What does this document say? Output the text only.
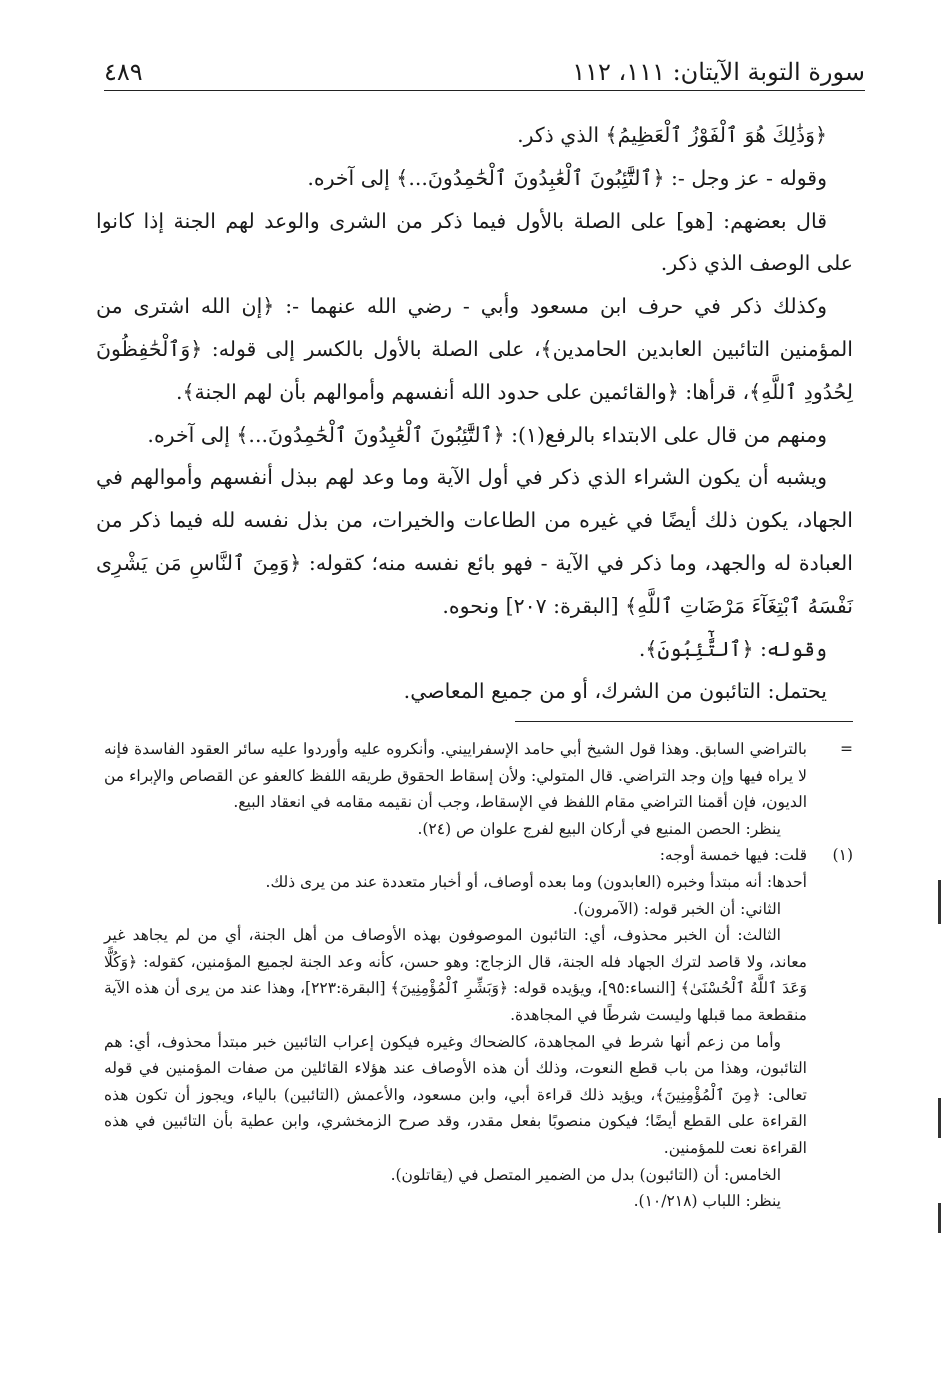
سورة التوبة الآيتان: ١١١، ١١٢
٤٨٩

﴿وَذَٰلِكَ هُوَ ٱلْفَوْزُ ٱلْعَظِيمُ﴾ الذي ذكر.

وقوله - عز وجل -: ﴿ٱلتَّٰٓئِبُونَ ٱلْعَٰبِدُونَ ٱلْحَٰمِدُونَ...﴾ إلى آخره.

قال بعضهم: [هو] على الصلة بالأول فيما ذكر من الشرى والوعد لهم الجنة إذا كانوا على الوصف الذي ذكر.

وكذلك ذكر في حرف ابن مسعود وأبي - رضي الله عنهما -: ﴿إن الله اشترى من المؤمنين التائبين العابدين الحامدين﴾، على الصلة بالأول بالكسر إلى قوله: ﴿وَٱلْحَٰفِظُونَ لِحُدُودِ ٱللَّهِ﴾، قرأها: ﴿والقائمين على حدود الله أنفسهم وأموالهم بأن لهم الجنة﴾.

ومنهم من قال على الابتداء بالرفع(١): ﴿ٱلتَّٰٓئِبُونَ ٱلْعَٰبِدُونَ ٱلْحَٰمِدُونَ...﴾ إلى آخره.

ويشبه أن يكون الشراء الذي ذكر في أول الآية وما وعد لهم ببذل أنفسهم وأموالهم في الجهاد، يكون ذلك أيضًا في غيره من الطاعات والخيرات، من بذل نفسه لله فيما ذكر من العبادة له والجهد، وما ذكر في الآية - فهو بائع نفسه منه؛ كقوله: ﴿وَمِنَ ٱلنَّاسِ مَن يَشْرِى نَفْسَهُ ٱبْتِغَآءَ مَرْضَاتِ ٱللَّهِ﴾ [البقرة: ٢٠٧] ونحوه.

وقوله: ﴿ٱلتَّٰٓئِبُونَ﴾.

يحتمل: التائبون من الشرك، أو من جميع المعاصي.

=

بالتراضي السابق. وهذا قول الشيخ أبي حامد الإسفراييني. وأنكروه عليه وأوردوا عليه سائر العقود الفاسدة فإنه لا يراه فيها وإن وجد التراضي. قال المتولي: ولأن إسقاط الحقوق طريقه اللفظ كالعفو عن القصاص والإبراء من الديون، فإن أقمنا التراضي مقام اللفظ في الإسقاط، وجب أن نقيمه مقامه في انعقاد البيع.

ينظر: الحصن المنيع في أركان البيع لفرج علوان ص (٢٤).

(١)

قلت: فيها خمسة أوجه:

أحدها: أنه مبتدأ وخبره (العابدون) وما بعده أوصاف، أو أخبار متعددة عند من يرى ذلك.

الثاني: أن الخبر قوله: (الآمرون).

الثالث: أن الخبر محذوف، أي: التائبون الموصوفون بهذه الأوصاف من أهل الجنة، أي من لم يجاهد غير معاند، ولا قاصد لترك الجهاد فله الجنة، قال الزجاج: وهو حسن، كأنه وعد الجنة لجميع المؤمنين، كقوله: ﴿وَكُلًّا وَعَدَ ٱللَّهُ ٱلْحُسْنَىٰ﴾ [النساء:٩٥]، ويؤيده قوله: ﴿وَبَشِّرِ ٱلْمُؤْمِنِينَ﴾ [البقرة:٢٢٣]، وهذا عند من يرى أن هذه الآية منقطعة مما قبلها وليست شرطًا في المجاهدة.

وأما من زعم أنها شرط في المجاهدة، كالضحاك وغيره فيكون إعراب التائبين خبر مبتدأ محذوف، أي: هم التائبون، وهذا من باب قطع النعوت، وذلك أن هذه الأوصاف عند هؤلاء القائلين من صفات المؤمنين في قوله تعالى: ﴿مِنَ ٱلْمُؤْمِنِينَ﴾، ويؤيد ذلك قراءة أبي، وابن مسعود، والأعمش (التائبين) بالياء، ويجوز أن تكون هذه القراءة على القطع أيضًا؛ فيكون منصوبًا بفعل مقدر، وقد صرح الزمخشري، وابن عطية بأن التائبين في هذه القراءة نعت للمؤمنين.

الخامس: أن (التائبون) بدل من الضمير المتصل في (يقاتلون).

ينظر: اللباب (١٠/٢١٨).
